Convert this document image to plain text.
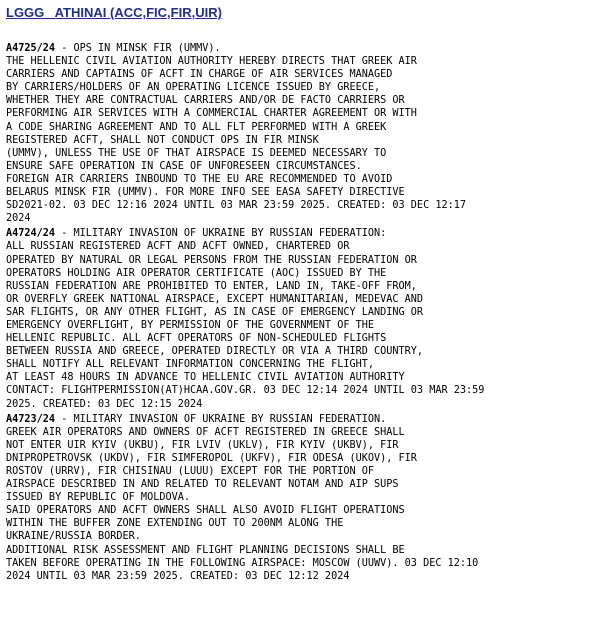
LGGG   ATHINAI (ACC,FIC,FIR,UIR)
A4725/24 - OPS IN MINSK FIR (UMMV).
THE HELLENIC CIVIL AVIATION AUTHORITY HEREBY DIRECTS THAT GREEK AIR
CARRIERS AND CAPTAINS OF ACFT IN CHARGE OF AIR SERVICES MANAGED
BY CARRIERS/HOLDERS OF AN OPERATING LICENCE ISSUED BY GREECE,
WHETHER THEY ARE CONTRACTUAL CARRIERS AND/OR DE FACTO CARRIERS OR
PERFORMING AIR SERVICES WITH A COMMERCIAL CHARTER AGREEMENT OR WITH
A CODE SHARING AGREEMENT AND TO ALL FLT PERFORMED WITH A GREEK
REGISTERED ACFT, SHALL NOT CONDUCT OPS IN FIR MINSK
(UMMV), UNLESS THE USE OF THAT AIRSPACE IS DEEMED NECESSARY TO
ENSURE SAFE OPERATION IN CASE OF UNFORESEEN CIRCUMSTANCES.
FOREIGN AIR CARRIERS INBOUND TO THE EU ARE RECOMMENDED TO AVOID
BELARUS MINSK FIR (UMMV). FOR MORE INFO SEE EASA SAFETY DIRECTIVE
SD2021-02. 03 DEC 12:16 2024 UNTIL 03 MAR 23:59 2025. CREATED: 03 DEC 12:17
2024
A4724/24 - MILITARY INVASION OF UKRAINE BY RUSSIAN FEDERATION:
ALL RUSSIAN REGISTERED ACFT AND ACFT OWNED, CHARTERED OR
OPERATED BY NATURAL OR LEGAL PERSONS FROM THE RUSSIAN FEDERATION OR
OPERATORS HOLDING AIR OPERATOR CERTIFICATE (AOC) ISSUED BY THE
RUSSIAN FEDERATION ARE PROHIBITED TO ENTER, LAND IN, TAKE-OFF FROM,
OR OVERFLY GREEK NATIONAL AIRSPACE, EXCEPT HUMANITARIAN, MEDEVAC AND
SAR FLIGHTS, OR ANY OTHER FLIGHT, AS IN CASE OF EMERGENCY LANDING OR
EMERGENCY OVERFLIGHT, BY PERMISSION OF THE GOVERNMENT OF THE
HELLENIC REPUBLIC. ALL ACFT OPERATORS OF NON-SCHEDULED FLIGHTS
BETWEEN RUSSIA AND GREECE, OPERATED DIRECTLY OR VIA A THIRD COUNTRY,
SHALL NOTIFY ALL RELEVANT INFORMATION CONCERNING THE FLIGHT,
AT LEAST 48 HOURS IN ADVANCE TO HELLENIC CIVIL AVIATION AUTHORITY
CONTACT: FLIGHTPERMISSION(AT)HCAA.GOV.GR. 03 DEC 12:14 2024 UNTIL 03 MAR 23:59
2025. CREATED: 03 DEC 12:15 2024
A4723/24 - MILITARY INVASION OF UKRAINE BY RUSSIAN FEDERATION.
GREEK AIR OPERATORS AND OWNERS OF ACFT REGISTERED IN GREECE SHALL
NOT ENTER UIR KYIV (UKBU), FIR LVIV (UKLV), FIR KYIV (UKBV), FIR
DNIPROPETROVSK (UKDV), FIR SIMFEROPOL (UKFV), FIR ODESA (UKOV), FIR
ROSTOV (URRV), FIR CHISINAU (LUUU) EXCEPT FOR THE PORTION OF
AIRSPACE DESCRIBED IN AND RELATED TO RELEVANT NOTAM AND AIP SUPS
ISSUED BY REPUBLIC OF MOLDOVA.
SAID OPERATORS AND ACFT OWNERS SHALL ALSO AVOID FLIGHT OPERATIONS
WITHIN THE BUFFER ZONE EXTENDING OUT TO 200NM ALONG THE
UKRAINE/RUSSIA BORDER.
ADDITIONAL RISK ASSESSMENT AND FLIGHT PLANNING DECISIONS SHALL BE
TAKEN BEFORE OPERATING IN THE FOLLOWING AIRSPACE: MOSCOW (UUWV). 03 DEC 12:10
2024 UNTIL 03 MAR 23:59 2025. CREATED: 03 DEC 12:12 2024
